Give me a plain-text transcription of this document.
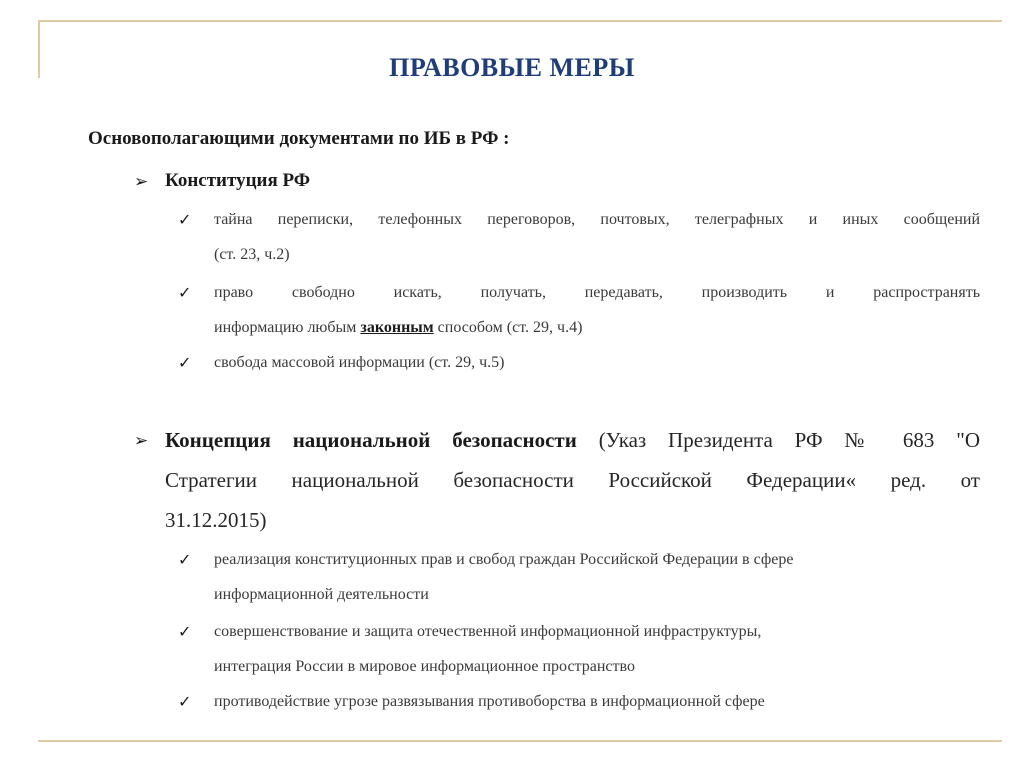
ПРАВОВЫЕ МЕРЫ
Основополагающими документами по ИБ в РФ :
➢ Конституция РФ
✓ тайна переписки, телефонных переговоров, почтовых, телеграфных и иных сообщений
(ст. 23, ч.2)
✓ право свободно искать, получать, передавать, производить и распространять
информацию любым законным способом (ст. 29, ч.4)
✓ свобода массовой информации (ст. 29, ч.5)
➢ Концепция национальной безопасности (Указ Президента РФ № 683 "О
Стратегии национальной безопасности Российской Федерации« ред. от
31.12.2015)
✓ реализация конституционных прав и свобод граждан Российской Федерации в сфере
информационной деятельности
✓ совершенствование и защита отечественной информационной инфраструктуры,
интеграция России в мировое информационное пространство
✓ противодействие угрозе развязывания противоборства в информационной сфере
